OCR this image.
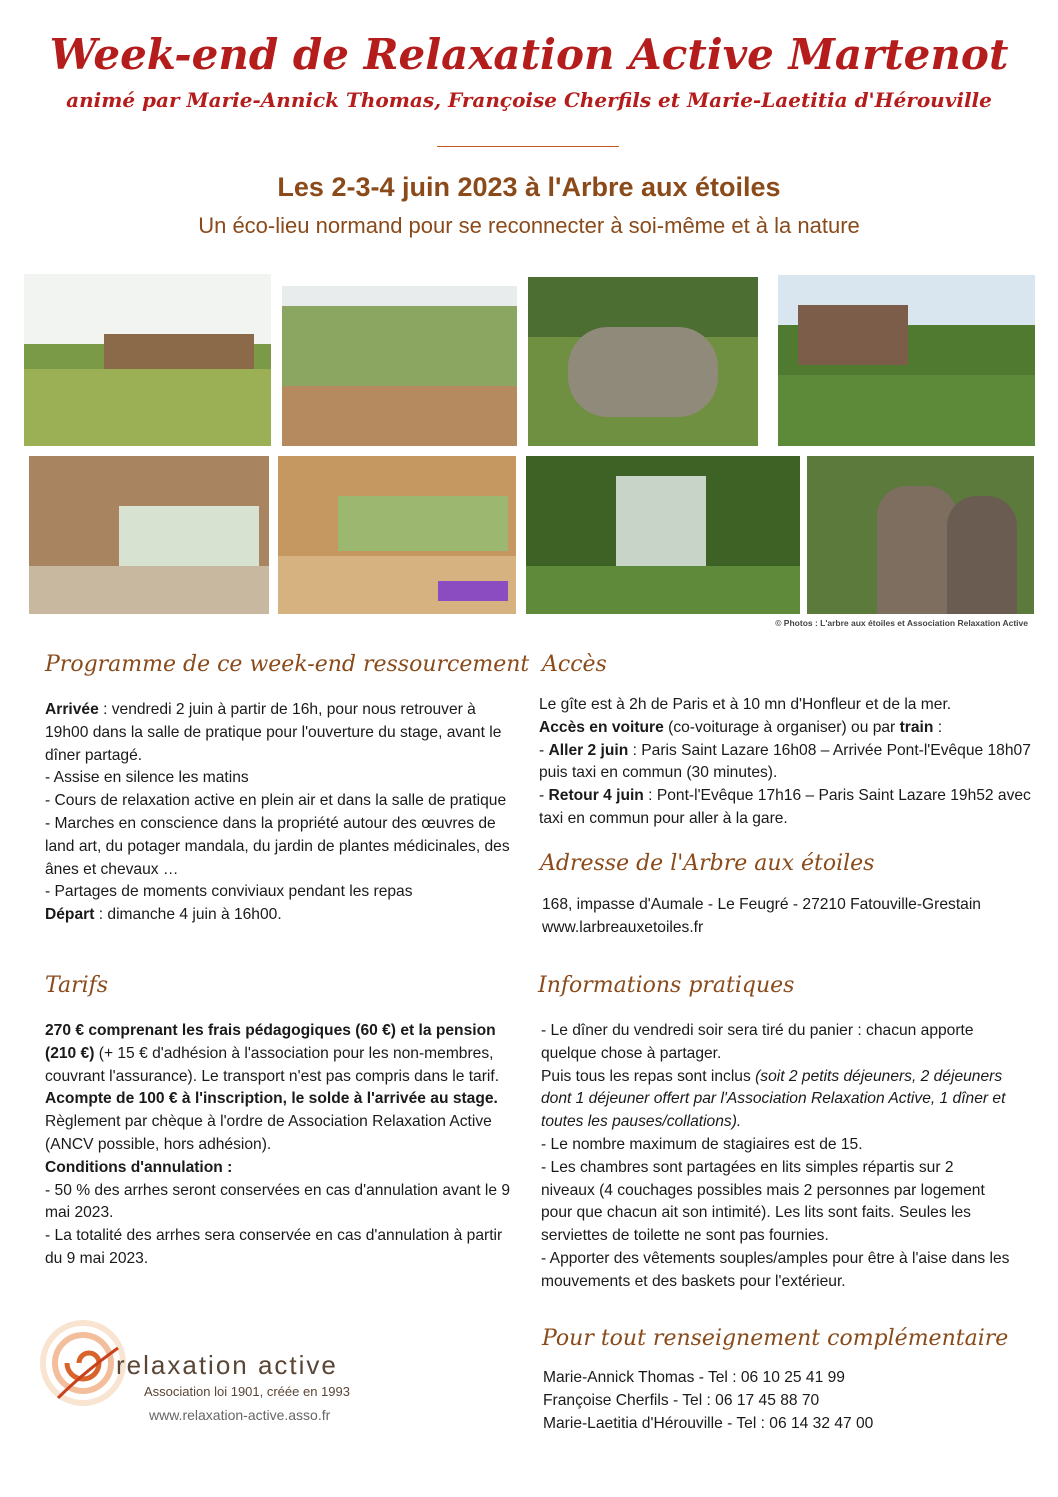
Week-end de Relaxation Active Martenot
animé par Marie-Annick Thomas, Françoise Cherfils et Marie-Laetitia d'Hérouville
Les 2-3-4 juin 2023 à l'Arbre aux étoiles
Un éco-lieu normand pour se reconnecter à soi-même et à la nature
© Photos : L'arbre aux étoiles et Association Relaxation Active
Programme de ce week-end ressourcement

Arrivée : vendredi 2 juin à partir de 16h, pour nous retrouver à 19h00 dans la salle de pratique pour l'ouverture du stage, avant le dîner partagé.

- Assise en silence les matins

- Cours de relaxation active en plein air et dans la salle de pratique

- Marches en conscience dans la propriété autour des œuvres de land art, du potager mandala, du jardin de plantes médicinales, des ânes et chevaux …

- Partages de moments conviviaux pendant les repas

Départ : dimanche 4 juin à 16h00.

Accès

Le gîte est à 2h de Paris et à 10 mn d'Honfleur et de la mer.

Accès en voiture (co-voiturage à organiser) ou par train :

- Aller 2 juin : Paris Saint Lazare 16h08 – Arrivée Pont-l'Evêque 18h07 puis taxi en commun (30 minutes).

- Retour 4 juin : Pont-l'Evêque 17h16 – Paris Saint Lazare 19h52 avec taxi en commun pour aller à la gare.

Adresse de l'Arbre aux étoiles

168, impasse d'Aumale - Le Feugré - 27210 Fatouville-Grestain

www.larbreauxetoiles.fr

Tarifs

270 € comprenant les frais pédagogiques (60 €) et la pension (210 €) (+ 15 € d'adhésion à l'association pour les non-membres, couvrant l'assurance). Le transport n'est pas compris dans le tarif.

Acompte de 100 € à l'inscription, le solde à l'arrivée au stage. Règlement par chèque à l'ordre de Association Relaxation Active (ANCV possible, hors adhésion).

Conditions d'annulation :

- 50 % des arrhes seront conservées en cas d'annulation avant le 9 mai 2023.

- La totalité des arrhes sera conservée en cas d'annulation à partir du 9 mai 2023.

Informations pratiques

- Le dîner du vendredi soir sera tiré du panier : chacun apporte quelque chose à partager.

Puis tous les repas sont inclus (soit 2 petits déjeuners, 2 déjeuners dont 1 déjeuner offert par l'Association Relaxation Active, 1 dîner et toutes les pauses/collations).

- Le nombre maximum de stagiaires est de 15.

- Les chambres sont partagées en lits simples répartis sur 2 niveaux (4 couchages possibles mais 2 personnes par logement pour que chacun ait son intimité). Les lits sont faits. Seules les serviettes de toilette ne sont pas fournies.

- Apporter des vêtements souples/amples pour être à l'aise dans les mouvements et des baskets pour l'extérieur.

Pour tout renseignement complémentaire

Marie-Annick Thomas - Tel : 06 10 25 41 99

Françoise Cherfils - Tel : 06 17 45 88 70

Marie-Laetitia d'Hérouville - Tel : 06 14 32 47 00

relaxation active
Association loi 1901, créée en 1993
www.relaxation-active.asso.fr
